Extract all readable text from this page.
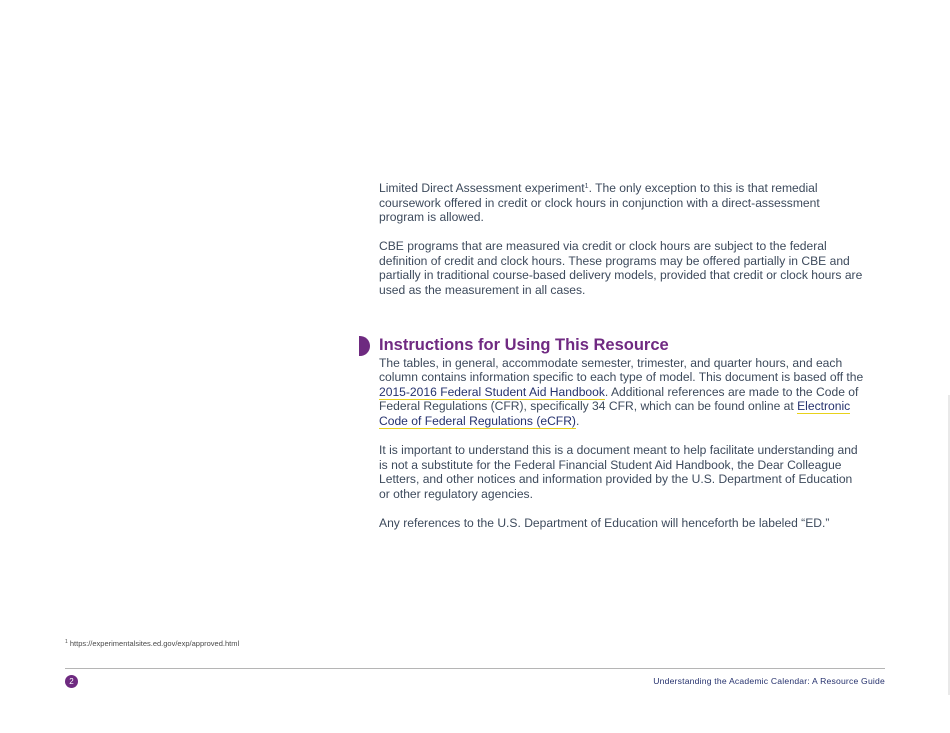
Limited Direct Assessment experiment$^1$. The only exception to this is that remedial coursework offered in credit or clock hours in conjunction with a direct-assessment program is allowed.

CBE programs that are measured via credit or clock hours are subject to the federal definition of credit and clock hours. These programs may be offered partially in CBE and partially in traditional course-based delivery models, provided that credit or clock hours are used as the measurement in all cases.

Instructions for Using This Resource

The tables, in general, accommodate semester, trimester, and quarter hours, and each column contains information specific to each type of model. This document is based off the 2015-2016 Federal Student Aid Handbook. Additional references are made to the Code of Federal Regulations (CFR), specifically 34 CFR, which can be found online at Electronic Code of Federal Regulations (eCFR).

It is important to understand this is a document meant to help facilitate understanding and is not a substitute for the Federal Financial Student Aid Handbook, the Dear Colleague Letters, and other notices and information provided by the U.S. Department of Education or other regulatory agencies.

Any references to the U.S. Department of Education will henceforth be labeled “ED.”

$^1$ https://experimentalsites.ed.gov/exp/approved.html
2	Understanding the Academic Calendar: A Resource Guide
